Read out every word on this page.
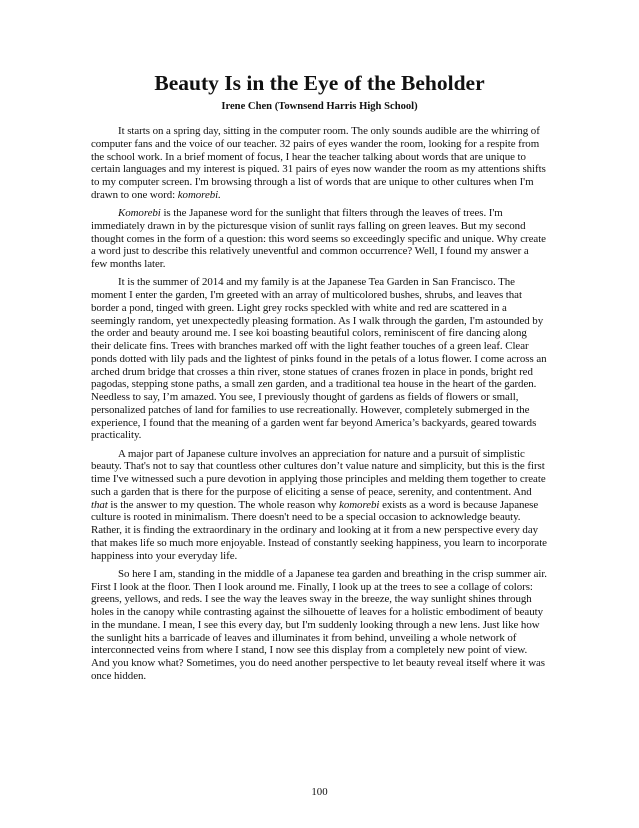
Beauty Is in the Eye of the Beholder

Irene Chen (Townsend Harris High School)

It starts on a spring day, sitting in the computer room. The only sounds audible are the whirring of computer fans and the voice of our teacher. 32 pairs of eyes wander the room, looking for a respite from the school work. In a brief moment of focus, I hear the teacher talking about words that are unique to certain languages and my interest is piqued. 31 pairs of eyes now wander the room as my attentions shifts to my computer screen. I'm browsing through a list of words that are unique to other cultures when I'm drawn to one word: komorebi.

Komorebi is the Japanese word for the sunlight that filters through the leaves of trees. I'm immediately drawn in by the picturesque vision of sunlit rays falling on green leaves. But my second thought comes in the form of a question: this word seems so exceedingly specific and unique. Why create a word just to describe this relatively uneventful and common occurrence? Well, I found my answer a few months later.

It is the summer of 2014 and my family is at the Japanese Tea Garden in San Francisco. The moment I enter the garden, I'm greeted with an array of multicolored bushes, shrubs, and leaves that border a pond, tinged with green. Light grey rocks speckled with white and red are scattered in a seemingly random, yet unexpectedly pleasing formation. As I walk through the garden, I'm astounded by the order and beauty around me. I see koi boasting beautiful colors, reminiscent of fire dancing along their delicate fins. Trees with branches marked off with the light feather touches of a green leaf. Clear ponds dotted with lily pads and the lightest of pinks found in the petals of a lotus flower. I come across an arched drum bridge that crosses a thin river, stone statues of cranes frozen in place in ponds, bright red pagodas, stepping stone paths, a small zen garden, and a traditional tea house in the heart of the garden. Needless to say, I’m amazed. You see, I previously thought of gardens as fields of flowers or small, personalized patches of land for families to use recreationally. However, completely submerged in the experience, I found that the meaning of a garden went far beyond America’s backyards, geared towards practicality.

A major part of Japanese culture involves an appreciation for nature and a pursuit of simplistic beauty. That's not to say that countless other cultures don’t value nature and simplicity, but this is the first time I've witnessed such a pure devotion in applying those principles and melding them together to create such a garden that is there for the purpose of eliciting a sense of peace, serenity, and contentment. And that is the answer to my question. The whole reason why komorebi exists as a word is because Japanese culture is rooted in minimalism. There doesn't need to be a special occasion to acknowledge beauty. Rather, it is finding the extraordinary in the ordinary and looking at it from a new perspective every day that makes life so much more enjoyable. Instead of constantly seeking happiness, you learn to incorporate happiness into your everyday life.

So here I am, standing in the middle of a Japanese tea garden and breathing in the crisp summer air. First I look at the floor. Then I look around me. Finally, I look up at the trees to see a collage of colors: greens, yellows, and reds. I see the way the leaves sway in the breeze, the way sunlight shines through holes in the canopy while contrasting against the silhouette of leaves for a holistic embodiment of beauty in the mundane. I mean, I see this every day, but I'm suddenly looking through a new lens. Just like how the sunlight hits a barricade of leaves and illuminates it from behind, unveiling a whole network of interconnected veins from where I stand, I now see this display from a completely new point of view. And you know what? Sometimes, you do need another perspective to let beauty reveal itself where it was once hidden.

100
